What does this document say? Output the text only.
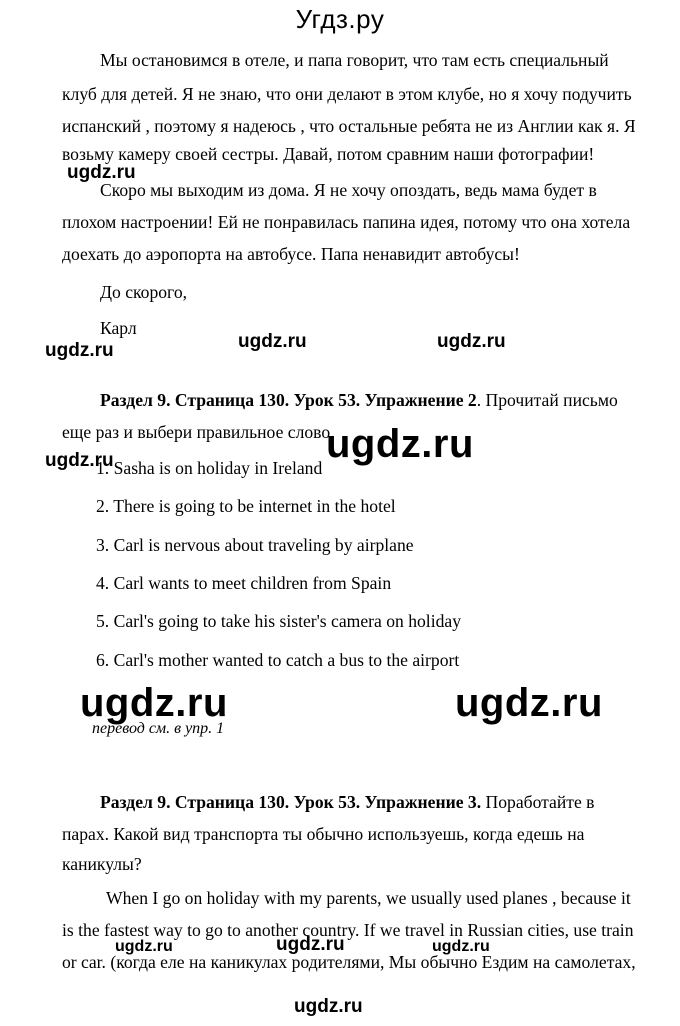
Угдз.ру
Мы остановимся в отеле, и папа говорит, что там есть специальный
клуб для детей. Я не знаю, что они делают в этом клубе, но я хочу подучить
испанский , поэтому я надеюсь , что остальные ребята не из Англии как я. Я
возьму камеру своей сестры. Давай, потом сравним наши фотографии!
Скоро мы выходим из дома. Я не хочу опоздать, ведь мама будет в
плохом настроении! Ей не понравилась папина идея, потому что она хотела
доехать до аэропорта на автобусе. Папа ненавидит автобусы!
До скорого,
Карл
Раздел 9. Страница 130. Урок 53. Упражнение 2. Прочитай письмо
еще раз и выбери правильное слово.
1. Sasha is on holiday in Ireland
2. There is going to be internet in the hotel
3. Carl is nervous about traveling by airplane
4. Carl wants to meet children from Spain
5. Carl's going to take his sister's camera on holiday
6. Carl's mother wanted to catch a bus to the airport
перевод см. в упр. 1
Раздел 9. Страница 130. Урок 53. Упражнение 3. Поработайте в
парах. Какой вид транспорта ты обычно используешь, когда едешь на
каникулы?
When I go on holiday with my parents, we usually used planes , because it
is the fastest way to go to another country. If we travel in Russian cities, use train
or car. (когда еле на каникулах родителями, Мы обычно Ездим на самолетах,
ugdz.ru
ugdz.ru	ugdz.ru	ugdz.ru
ugdz.ru
ugdz.ru
ugdz.ru	ugdz.ru
ugdz.ru	ugdz.ru	ugdz.ru
ugdz.ru
